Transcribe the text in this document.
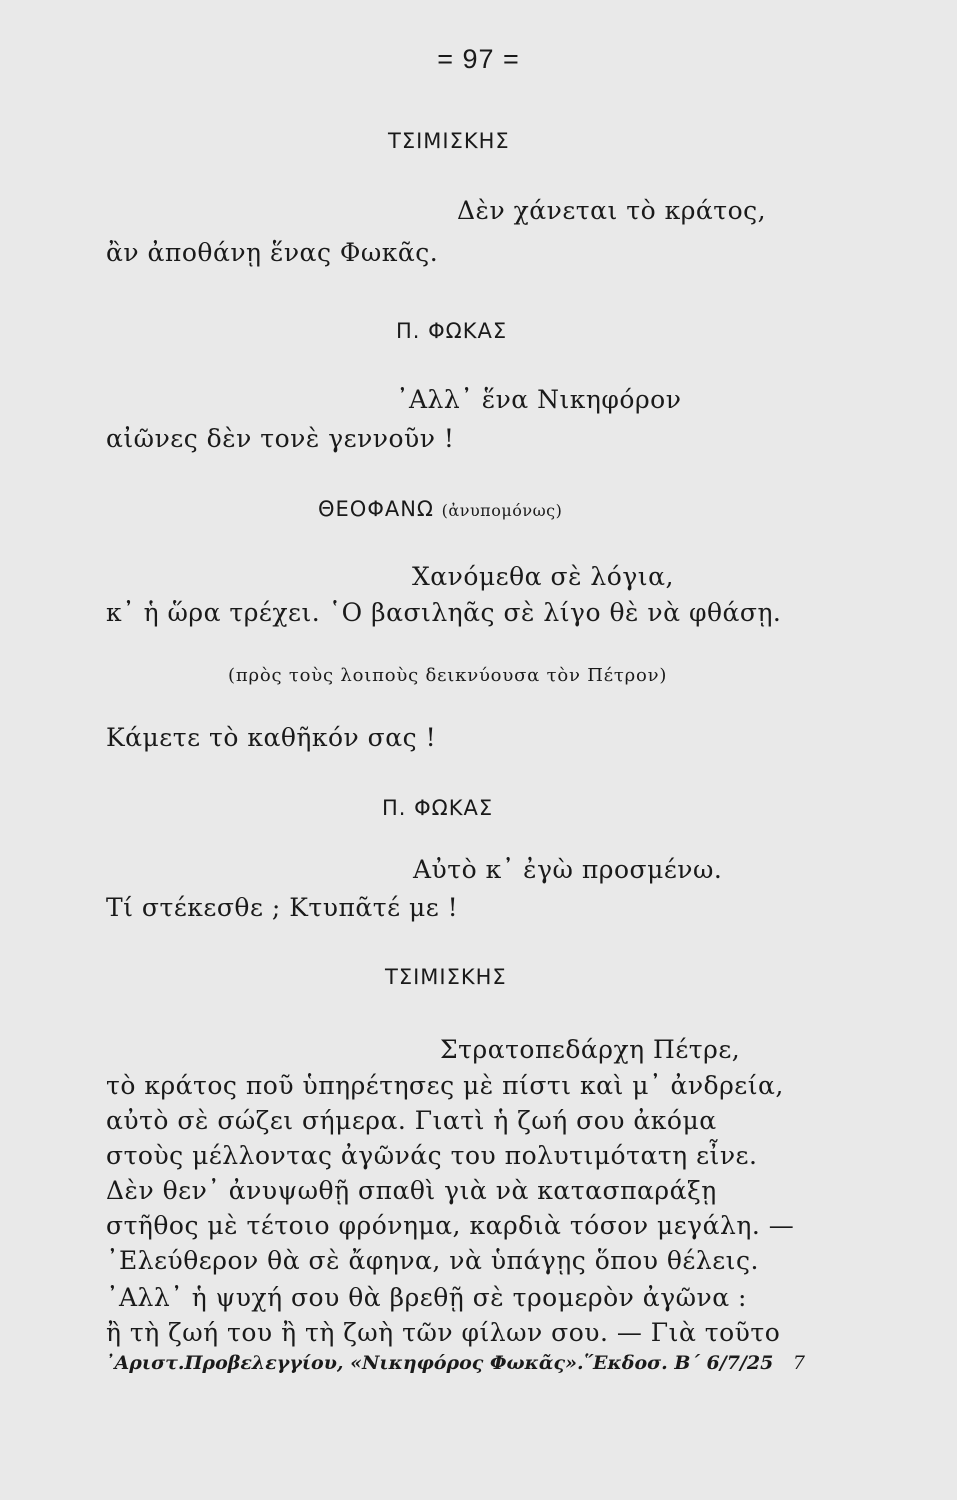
= 97 =
ΤΣΙΜΙΣΚΗΣ
Δὲν χάνεται τὸ κράτος,
ἂν ἀποθάνῃ ἕνας Φωκᾶς.
Π. ΦΩΚΑΣ
᾿Αλλ᾿ ἕνα Νικηφόρον
αἰῶνες δὲν τονὲ γεννοῦν !
ΘΕΟΦΑΝΩ (ἀνυπομόνως)
Χανόμεθα σὲ λόγια,
κ᾿ ἡ ὥρα τρέχει. ῾Ο βασιληᾶς σὲ λίγο θὲ νὰ φθάσῃ.
(πρὸς τοὺς λοιποὺς δεικνύουσα τὸν Πέτρον)
Κάμετε τὸ καθῆκόν σας !
Π. ΦΩΚΑΣ
Αὐτὸ κ᾿ ἐγὼ προσμένω.
Τί στέκεσθε ; Κτυπᾶτέ με !
ΤΣΙΜΙΣΚΗΣ
Στρατοπεδάρχη Πέτρε,
τὸ κράτος ποῦ ὑπηρέτησες μὲ πίστι καὶ μ᾿ ἀνδρεία,
αὐτὸ σὲ σώζει σήμερα. Γιατὶ ἡ ζωή σου ἀκόμα
στοὺς μέλλοντας ἀγῶνάς του πολυτιμότατη εἶνε.
Δὲν θεν᾿ ἀνυψωθῇ σπαθὶ γιὰ νὰ κατασπαράξῃ
στῆθος μὲ τέτοιο φρόνημα, καρδιὰ τόσον μεγάλη. —
᾿Ελεύθερον θὰ σὲ ἄφηνα, νὰ ὑπάγῃς ὅπου θέλεις.
᾿Αλλ᾿ ἡ ψυχή σου θὰ βρεθῇ σὲ τρομερὸν ἀγῶνα :
ἢ τὴ ζωή του ἢ τὴ ζωὴ τῶν φίλων σου. — Γιὰ τοῦτο
᾿Αριστ.Προβελεγγίου, «Νικηφόρος Φωκᾶς».῞Εκδοσ. Β΄ 6/7/25 7
